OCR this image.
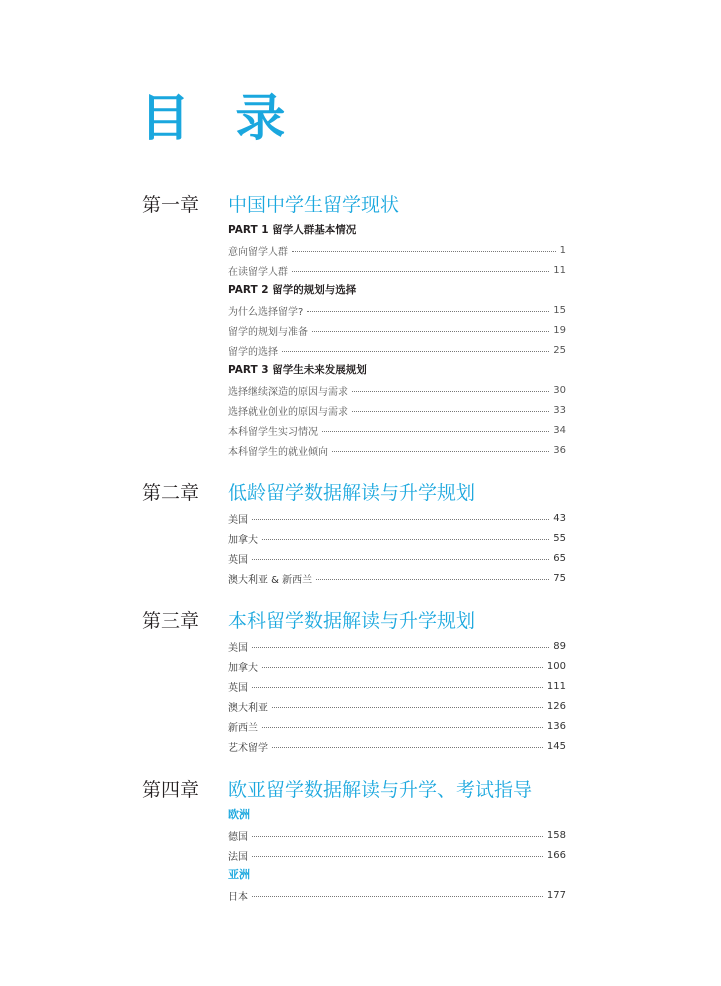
目 录
第一章 中国中学生留学现状
PART 1 留学人群基本情况
意向留学人群	1
在读留学人群	11
PART 2 留学的规划与选择
为什么选择留学?	15
留学的规划与准备	19
留学的选择	25
PART 3 留学生未来发展规划
选择继续深造的原因与需求	30
选择就业创业的原因与需求	33
本科留学生实习情况	34
本科留学生的就业倾向	36
第二章 低龄留学数据解读与升学规划
美国	43
加拿大	55
英国	65
澳大利亚 & 新西兰	75
第三章 本科留学数据解读与升学规划
美国	89
加拿大	100
英国	111
澳大利亚	126
新西兰	136
艺术留学	145
第四章 欧亚留学数据解读与升学、考试指导
欧洲
德国	158
法国	166
亚洲
日本	177
